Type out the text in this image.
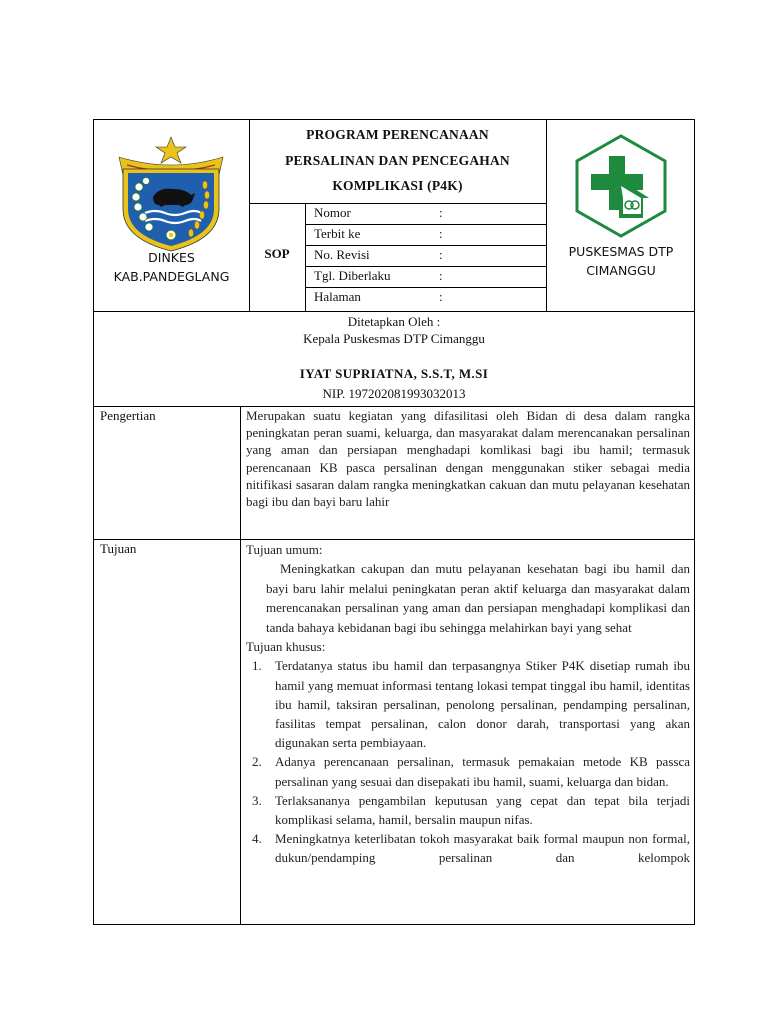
DINKES
KAB.PANDEGLANG
PROGRAM PERENCANAAN
PERSALINAN DAN PENCEGAHAN
KOMPLIKASI (P4K)
SOP
Nomor	:
Terbit ke	:
No. Revisi	:
Tgl. Diberlaku	:
Halaman	:
PUSKESMAS DTP
CIMANGGU
Ditetapkan Oleh :
Kepala Puskesmas DTP Cimanggu
IYAT SUPRIATNA, S.S.T, M.SI
NIP. 197202081993032013
Pengertian	Merupakan suatu kegiatan yang difasilitasi oleh Bidan di desa dalam rangka peningkatan peran suami, keluarga, dan masyarakat dalam merencanakan persalinan yang aman dan persiapan menghadapi komlikasi bagi ibu hamil; termasuk perencanaan KB pasca persalinan dengan menggunakan stiker sebagai media nitifikasi sasaran dalam rangka meningkatkan cakuan dan mutu pelayanan kesehatan bagi ibu dan bayi baru lahir
Tujuan	Tujuan umum:
Meningkatkan cakupan dan mutu pelayanan kesehatan bagi ibu hamil dan bayi baru lahir melalui peningkatan peran aktif keluarga dan masyarakat dalam merencanakan persalinan yang aman dan persiapan menghadapi komplikasi dan tanda bahaya kebidanan bagi ibu sehingga melahirkan bayi yang sehat
Tujuan khusus:
1. Terdatanya status ibu hamil dan terpasangnya Stiker P4K disetiap rumah ibu hamil yang memuat informasi tentang lokasi tempat tinggal ibu hamil, identitas ibu hamil, taksiran persalinan, penolong persalinan, pendamping persalinan, fasilitas tempat persalinan, calon donor darah, transportasi yang akan digunakan serta pembiayaan.
2. Adanya perencanaan persalinan, termasuk pemakaian metode KB passca persalinan yang sesuai dan disepakati ibu hamil, suami, keluarga dan bidan.
3. Terlaksananya pengambilan keputusan yang cepat dan tepat bila terjadi komplikasi selama, hamil, bersalin maupun nifas.
4. Meningkatnya keterlibatan tokoh masyarakat baik formal maupun non formal, dukun/pendamping persalinan dan kelompok
